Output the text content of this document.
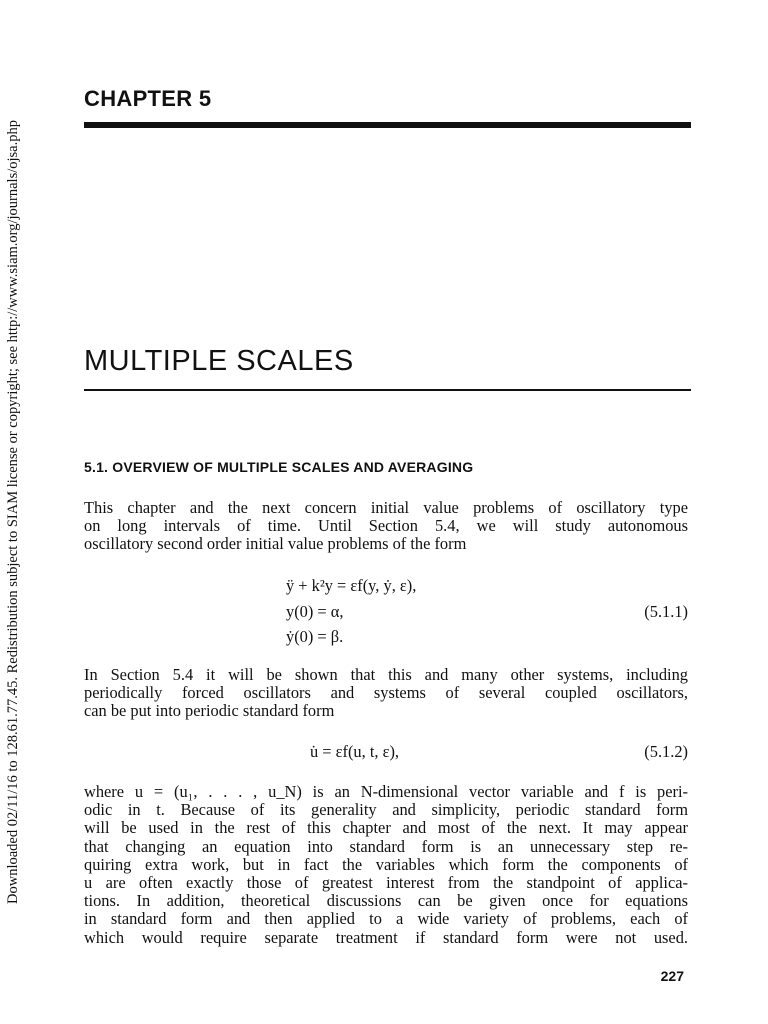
Downloaded 02/11/16 to 128.61.77.45. Redistribution subject to SIAM license or copyright; see http://www.siam.org/journals/ojsa.php
CHAPTER 5
MULTIPLE SCALES
5.1. OVERVIEW OF MULTIPLE SCALES AND AVERAGING
This chapter and the next concern initial value problems of oscillatory type
on long intervals of time. Until Section 5.4, we will study autonomous
oscillatory second order initial value problems of the form
ÿ + k²y = εf(y, ẏ, ε),
y(0) = α,
ẏ(0) = β.
(5.1.1)
In Section 5.4 it will be shown that this and many other systems, including
periodically forced oscillators and systems of several coupled oscillators,
can be put into periodic standard form
u̇ = εf(u, t, ε),	(5.1.2)
where u = (u₁, . . . , u_N) is an N-dimensional vector variable and f is peri-
odic in t. Because of its generality and simplicity, periodic standard form
will be used in the rest of this chapter and most of the next. It may appear
that changing an equation into standard form is an unnecessary step re-
quiring extra work, but in fact the variables which form the components of
u are often exactly those of greatest interest from the standpoint of applica-
tions. In addition, theoretical discussions can be given once for equations
in standard form and then applied to a wide variety of problems, each of
which would require separate treatment if standard form were not used.
227
